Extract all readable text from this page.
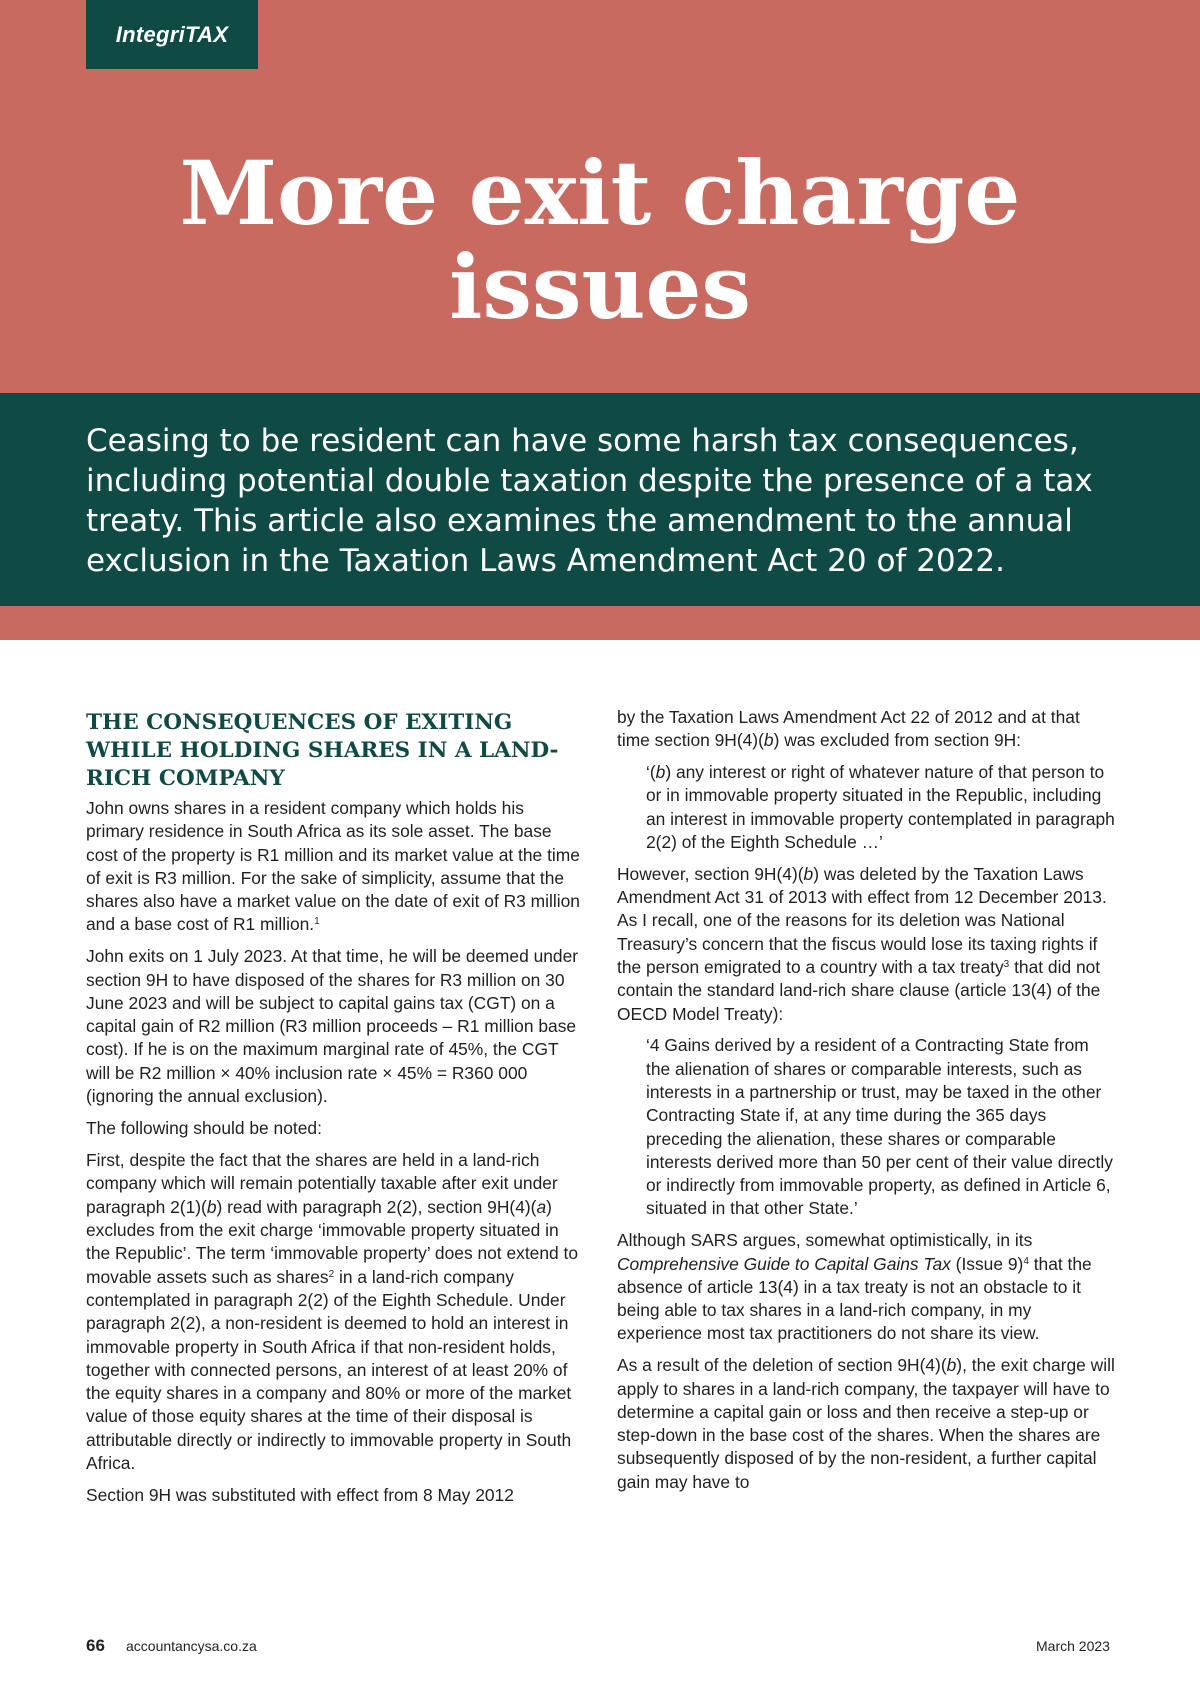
IntegriTAX
More exit charge
issues

Ceasing to be resident can have some harsh tax consequences, including potential double taxation despite the presence of a tax treaty. This article also examines the amendment to the annual exclusion in the Taxation Laws Amendment Act 20 of 2022.

THE CONSEQUENCES OF EXITING WHILE HOLDING SHARES IN A LAND-RICH COMPANY

John owns shares in a resident company which holds his primary residence in South Africa as its sole asset. The base cost of the property is R1 million and its market value at the time of exit is R3 million. For the sake of simplicity, assume that the shares also have a market value on the date of exit of R3 million and a base cost of R1 million.$^1$

John exits on 1 July 2023. At that time, he will be deemed under section 9H to have disposed of the shares for R3 million on 30 June 2023 and will be subject to capital gains tax (CGT) on a capital gain of R2 million (R3 million proceeds – R1 million base cost). If he is on the maximum marginal rate of 45%, the CGT will be R2 million × 40% inclusion rate × 45% = R360 000 (ignoring the annual exclusion).

The following should be noted:

First, despite the fact that the shares are held in a land-rich company which will remain potentially taxable after exit under paragraph 2(1)(b) read with paragraph 2(2), section 9H(4)(a) excludes from the exit charge ‘immovable property situated in the Republic’. The term ‘immovable property’ does not extend to movable assets such as shares$^2$ in a land-rich company contemplated in paragraph 2(2) of the Eighth Schedule. Under paragraph 2(2), a non-resident is deemed to hold an interest in immovable property in South Africa if that non-resident holds, together with connected persons, an interest of at least 20% of the equity shares in a company and 80% or more of the market value of those equity shares at the time of their disposal is attributable directly or indirectly to immovable property in South Africa.

Section 9H was substituted with effect from 8 May 2012

by the Taxation Laws Amendment Act 22 of 2012 and at that time section 9H(4)(b) was excluded from section 9H:

‘(b) any interest or right of whatever nature of that person to or in immovable property situated in the Republic, including an interest in immovable property contemplated in paragraph 2(2) of the Eighth Schedule …’

However, section 9H(4)(b) was deleted by the Taxation Laws Amendment Act 31 of 2013 with effect from 12 December 2013. As I recall, one of the reasons for its deletion was National Treasury’s concern that the fiscus would lose its taxing rights if the person emigrated to a country with a tax treaty$^3$ that did not contain the standard land-rich share clause (article 13(4) of the OECD Model Treaty):

‘4 Gains derived by a resident of a Contracting State from the alienation of shares or comparable interests, such as interests in a partnership or trust, may be taxed in the other Contracting State if, at any time during the 365 days preceding the alienation, these shares or comparable interests derived more than 50 per cent of their value directly or indirectly from immovable property, as defined in Article 6, situated in that other State.’

Although SARS argues, somewhat optimistically, in its Comprehensive Guide to Capital Gains Tax (Issue 9)$^4$ that the absence of article 13(4) in a tax treaty is not an obstacle to it being able to tax shares in a land-rich company, in my experience most tax practitioners do not share its view.

As a result of the deletion of section 9H(4)(b), the exit charge will apply to shares in a land-rich company, the taxpayer will have to determine a capital gain or loss and then receive a step-up or step-down in the base cost of the shares. When the shares are subsequently disposed of by the non-resident, a further capital gain may have to

66 accountancysa.co.za	March 2023
